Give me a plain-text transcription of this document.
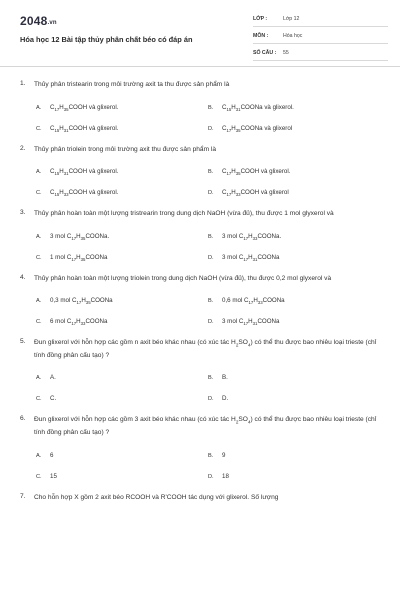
2048.vn
Hóa học 12 Bài tập thủy phân chất béo có đáp án
LỚP :	Lớp 12
MÔN :	Hóa học
SỐ CÂU : 55
1. Thủy phân tristearin trong môi trường axit ta thu được sản phẩm là
A.	$C_{17}H_{35}COOH$ và glixerol.	B.	$C_{15}H_{31}COONa$ và glixerol.
C.	$C_{15}H_{31}COOH$ và glixerol.	D.	$C_{17}H_{35}COONa$ và glixerol
2. Thủy phân triolein trong môi trường axit thu được sản phẩm là
A.	$C_{15}H_{31}COOH$ và glixerol.	B.	$C_{17}H_{35}COOH$ và glixerol.
C.	$C_{15}H_{33}COOH$ và glixerol.	D.	$C_{17}H_{33}COOH$ và glixerol
3. Thủy phân hoàn toàn một lượng tristrearin trong dung dịch NaOH (vừa đủ), thu được 1 mol glyxerol và
A.	3 mol $C_{17}H_{35}COONa$.	B.	3 mol $C_{17}H_{33}COONa$.
C.	1 mol $C_{17}H_{35}COONa$	D.	3 mol $C_{17}H_{31}COONa$
4. Thủy phân hoàn toàn một lượng triolein trong dung dịch NaOH (vừa đủ), thu được 0,2 mol glyxerol và
A.	0,3 mol $C_{17}H_{35}COONa$	B.	0,6 mol $C_{17}H_{33}COONa$
C.	6 mol $C_{17}H_{33}COONa$	D.	3 mol $C_{17}H_{31}COONa$
5. Đun glixerol với hỗn hợp các gồm n axit béo khác nhau (có xúc tác $H_2SO_4$) có thể thu được bao nhiêu loại trieste (chỉ tính đồng phân cấu tạo) ?
A.	A.	B.	B.
C.	C.	D.	D.
6. Đun glixerol với hỗn hợp các gồm 3 axit béo khác nhau (có xúc tác $H_2SO_4$) có thể thu được bao nhiêu loại trieste (chỉ tính đồng phân cấu tạo) ?
A.	6	B.	9
C.	15	D.	18
7. Cho hỗn hợp X gồm 2 axit béo RCOOH và R'COOH tác dụng với glixerol. Số lượng
